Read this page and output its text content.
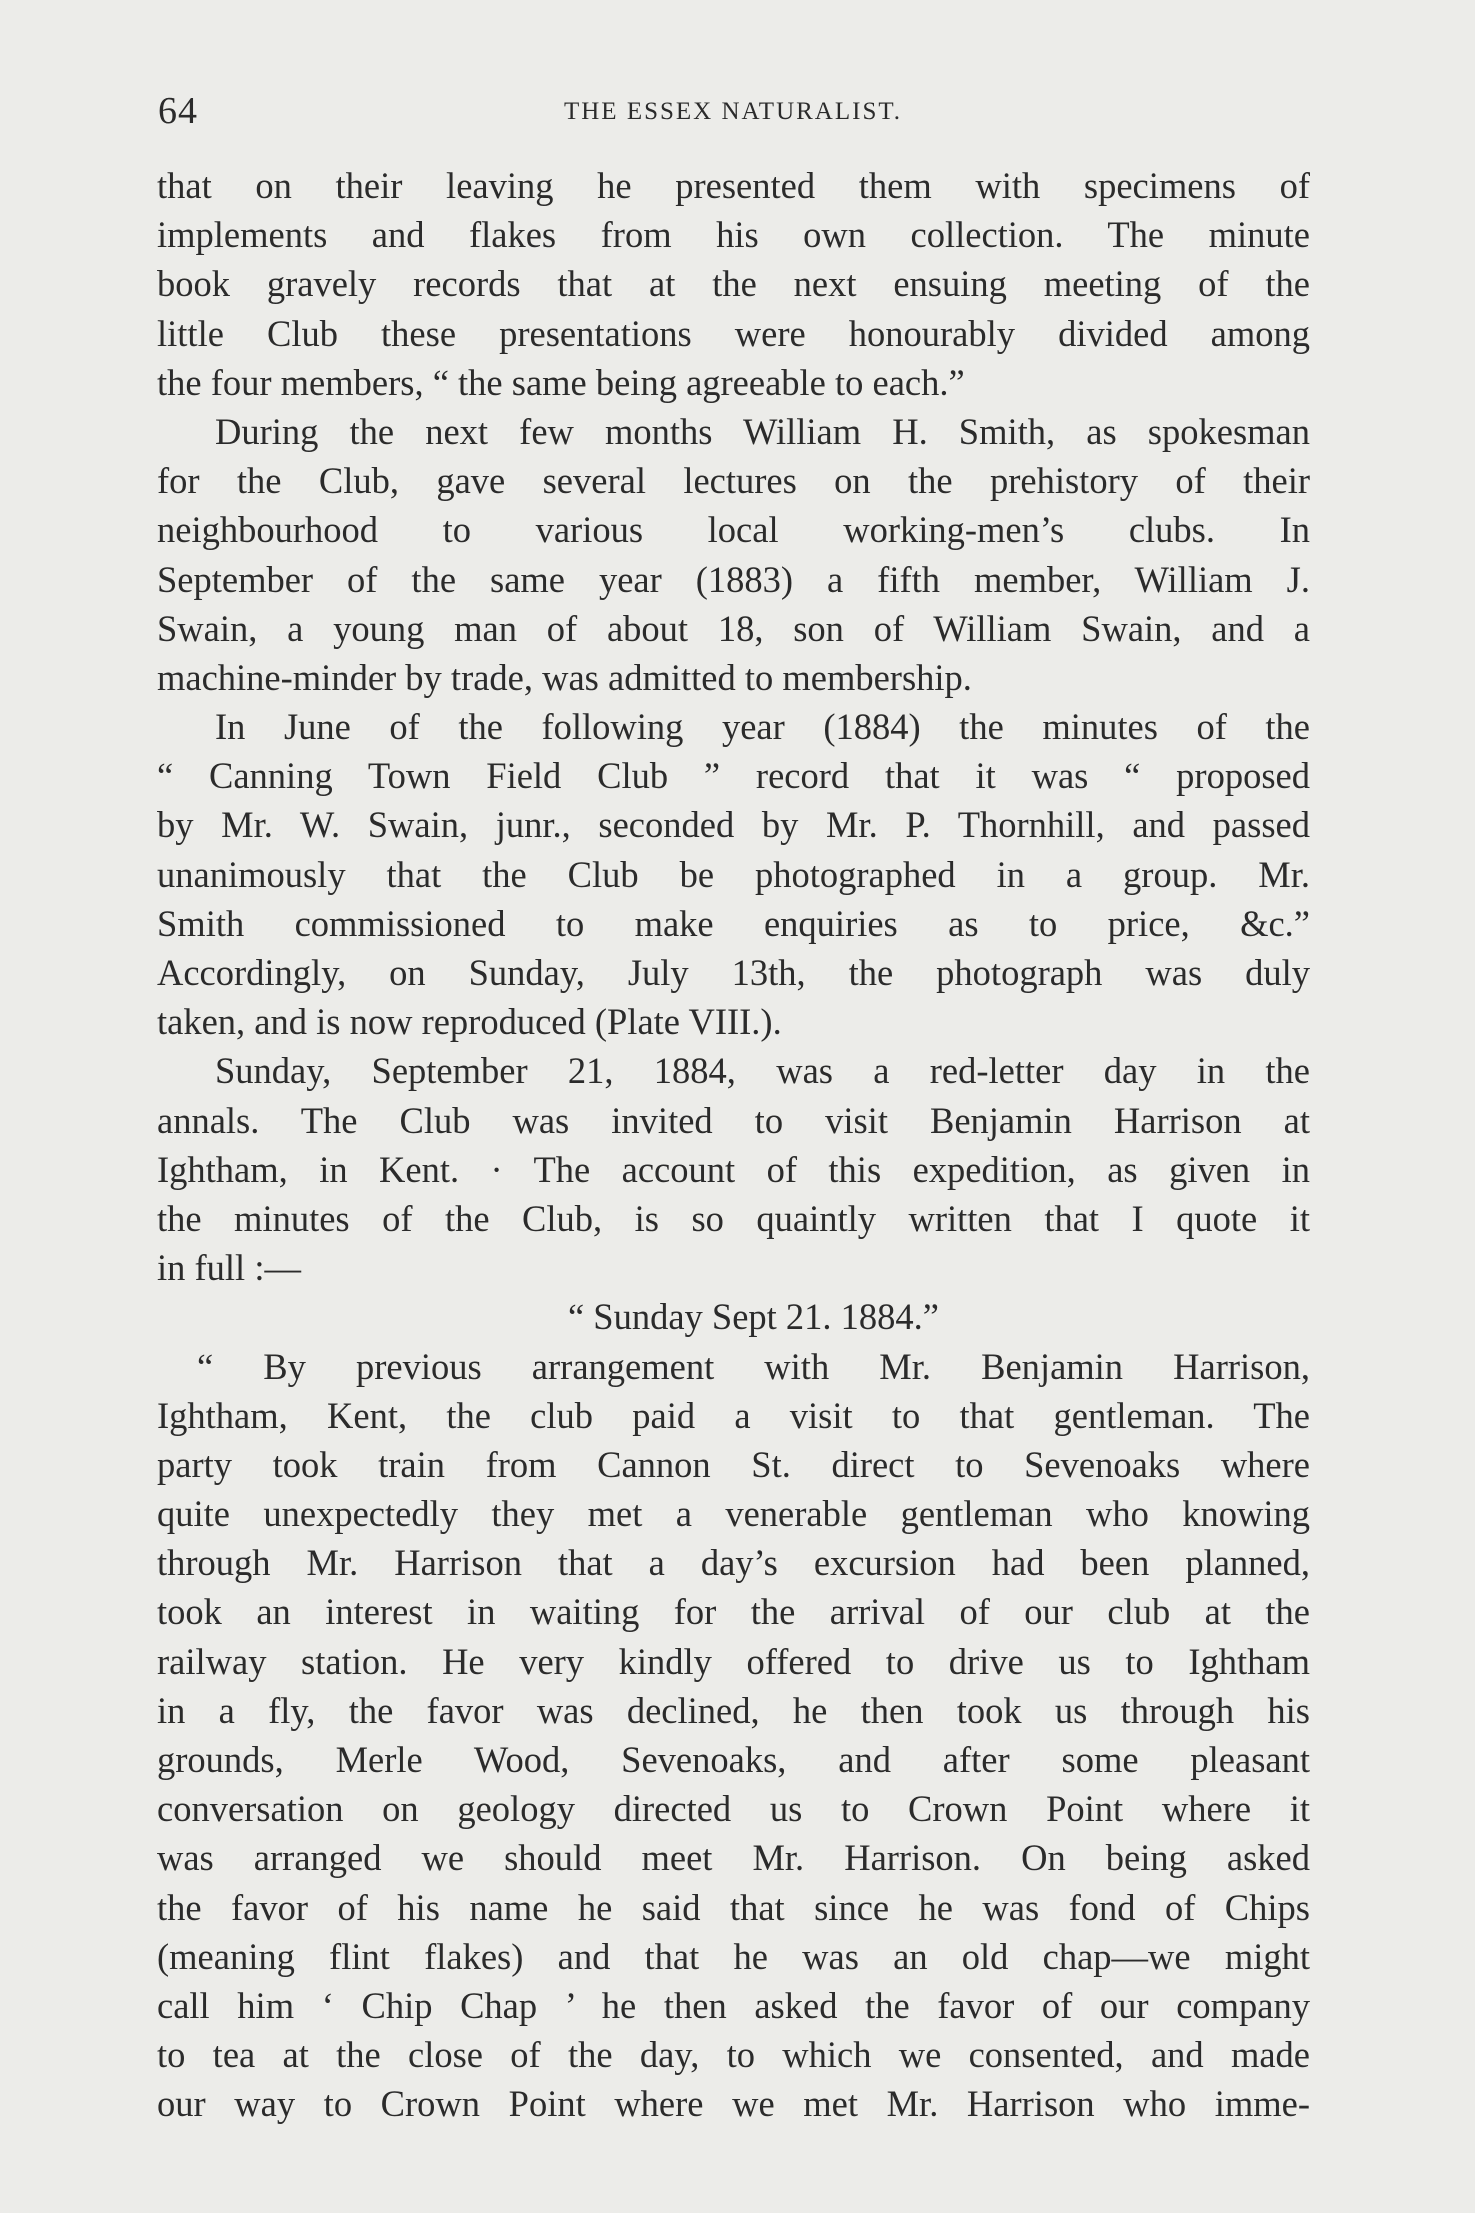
64	THE ESSEX NATURALIST.
that on their leaving he presented them with specimens of
implements and flakes from his own collection. The minute
book gravely records that at the next ensuing meeting of the
little Club these presentations were honourably divided among
the four members, “ the same being agreeable to each.”
During the next few months William H. Smith, as spokesman
for the Club, gave several lectures on the prehistory of their
neighbourhood to various local working-men’s clubs. In
September of the same year (1883) a fifth member, William J.
Swain, a young man of about 18, son of William Swain, and a
machine-minder by trade, was admitted to membership.
In June of the following year (1884) the minutes of the
“ Canning Town Field Club ” record that it was “ proposed
by Mr. W. Swain, junr., seconded by Mr. P. Thornhill, and passed
unanimously that the Club be photographed in a group. Mr.
Smith commissioned to make enquiries as to price, &c.”
Accordingly, on Sunday, July 13th, the photograph was duly
taken, and is now reproduced (Plate VIII.).
Sunday, September 21, 1884, was a red-letter day in the
annals. The Club was invited to visit Benjamin Harrison at
Ightham, in Kent. · The account of this expedition, as given in
the minutes of the Club, is so quaintly written that I quote it
in full :—
“ Sunday Sept 21. 1884.”
“ By previous arrangement with Mr. Benjamin Harrison,
Ightham, Kent, the club paid a visit to that gentleman. The
party took train from Cannon St. direct to Sevenoaks where
quite unexpectedly they met a venerable gentleman who knowing
through Mr. Harrison that a day’s excursion had been planned,
took an interest in waiting for the arrival of our club at the
railway station. He very kindly offered to drive us to Ightham
in a fly, the favor was declined, he then took us through his
grounds, Merle Wood, Sevenoaks, and after some pleasant
conversation on geology directed us to Crown Point where it
was arranged we should meet Mr. Harrison. On being asked
the favor of his name he said that since he was fond of Chips
(meaning flint flakes) and that he was an old chap—we might
call him ‘ Chip Chap ’ he then asked the favor of our company
to tea at the close of the day, to which we consented, and made
our way to Crown Point where we met Mr. Harrison who imme-
